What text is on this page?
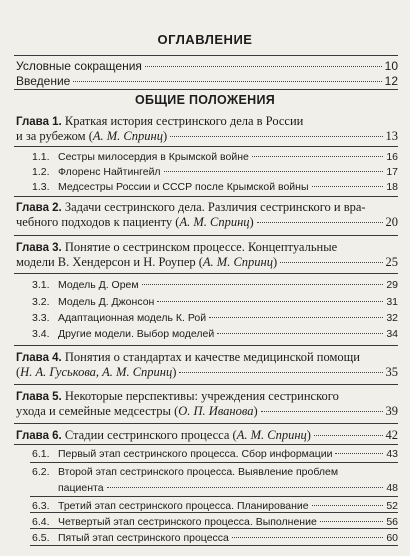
ОГЛАВЛЕНИЕ
Условные сокращения	10
Введение	12
ОБЩИЕ ПОЛОЖЕНИЯ
Глава 1.
Краткая история сестринского дела в России
и за рубежом (А. М. Спринц)	13
1.1. Сестры милосердия в Крымской войне	16
1.2. Флоренс Найтингейл	17
1.3. Медсестры России и СССР после Крымской войны	18
Глава 2.
Задачи сестринского дела. Различия сестринского и вра-
чебного подходов к пациенту (А. М. Спринц)	20
Глава 3.
Понятие о сестринском процессе. Концептуальные
модели В. Хендерсон и Н. Роупер (А. М. Спринц)	25
3.1. Модель Д. Орем	29
3.2. Модель Д. Джонсон	31
3.3. Адаптационная модель К. Рой	32
3.4. Другие модели. Выбор моделей	34
Глава 4.
Понятия о стандартах и качестве медицинской помощи
(Н. А. Гуськова, А. М. Спринц)	35
Глава 5.
Некоторые перспективы: учреждения сестринского
ухода и семейные медсестры (О. П. Иванова)	39
Глава 6.
Стадии сестринского процесса (А. М. Спринц)	42
6.1. Первый этап сестринского процесса. Сбор информации	43
6.2. Второй этап сестринского процесса. Выявление проблем
пациента	48
6.3. Третий этап сестринского процесса. Планирование	52
6.4. Четвертый этап сестринского процесса. Выполнение	56
6.5. Пятый этап сестринского процесса	60
